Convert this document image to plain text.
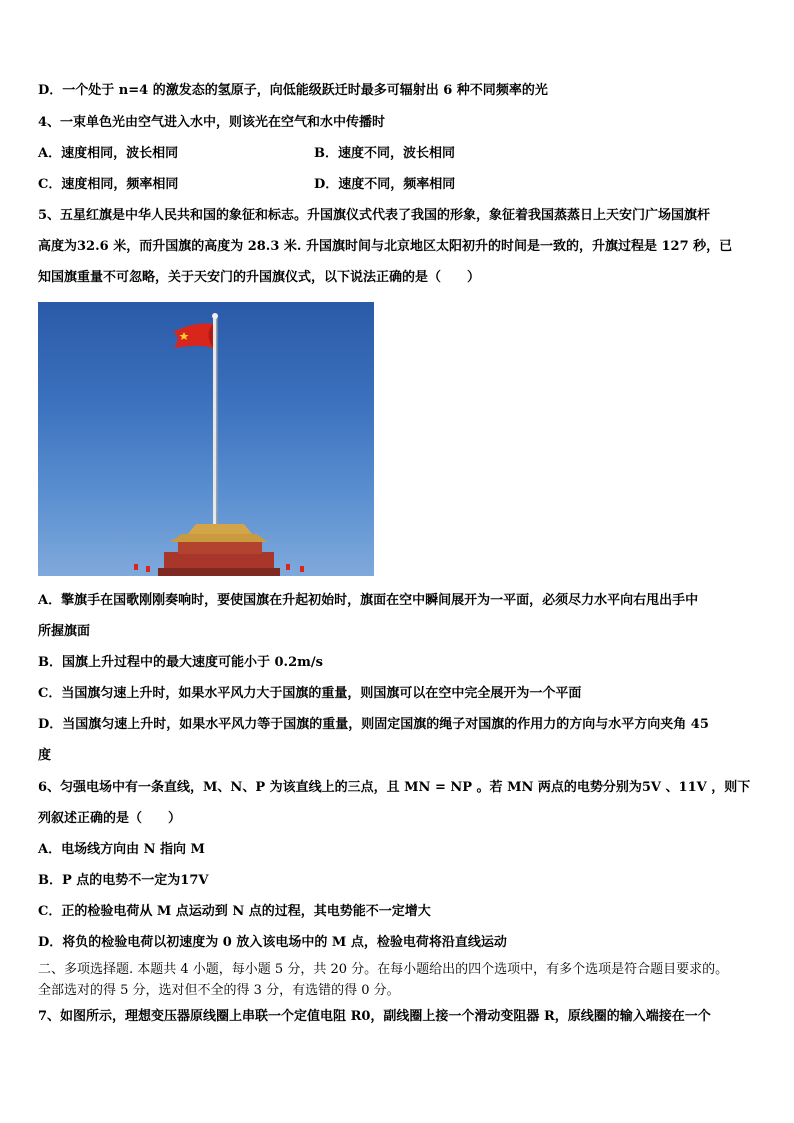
D．一个处于 n=4 的激发态的氢原子，向低能级跃迁时最多可辐射出 6 种不同频率的光
4、一束单色光由空气进入水中，则该光在空气和水中传播时
A．速度相同，波长相同	B．速度不同，波长相同
C．速度相同，频率相同	D．速度不同，频率相同
5、五星红旗是中华人民共和国的象征和标志。升国旗仪式代表了我国的形象，象征着我国蒸蒸日上天安门广场国旗杆
高度为32.6 米，而升国旗的高度为 28.3 米. 升国旗时间与北京地区太阳初升的时间是一致的，升旗过程是 127 秒，已
知国旗重量不可忽略，关于天安门的升国旗仪式，以下说法正确的是（　　）
A．擎旗手在国歌刚刚奏响时，要使国旗在升起初始时，旗面在空中瞬间展开为一平面，必须尽力水平向右甩出手中
所握旗面
B．国旗上升过程中的最大速度可能小于 0.2m/s
C．当国旗匀速上升时，如果水平风力大于国旗的重量，则国旗可以在空中完全展开为一个平面
D．当国旗匀速上升时，如果水平风力等于国旗的重量，则固定国旗的绳子对国旗的作用力的方向与水平方向夹角 45
度
6、匀强电场中有一条直线，M、N、P 为该直线上的三点，且 MN = NP 。若 MN 两点的电势分别为5V 、11V ，则下
列叙述正确的是（　　）
A．电场线方向由 N 指向 M
B．P 点的电势不一定为17V
C．正的检验电荷从 M 点运动到 N 点的过程，其电势能不一定增大
D．将负的检验电荷以初速度为 0 放入该电场中的 M 点，检验电荷将沿直线运动
二、多项选择题. 本题共 4 小题，每小题 5 分，共 20 分。在每小题给出的四个选项中，有多个选项是符合题目要求的。
全部选对的得 5 分，选对但不全的得 3 分，有选错的得 0 分。
7、如图所示，理想变压器原线圈上串联一个定值电阻 R0，副线圈上接一个滑动变阻器 R，原线圈的输入端接在一个
